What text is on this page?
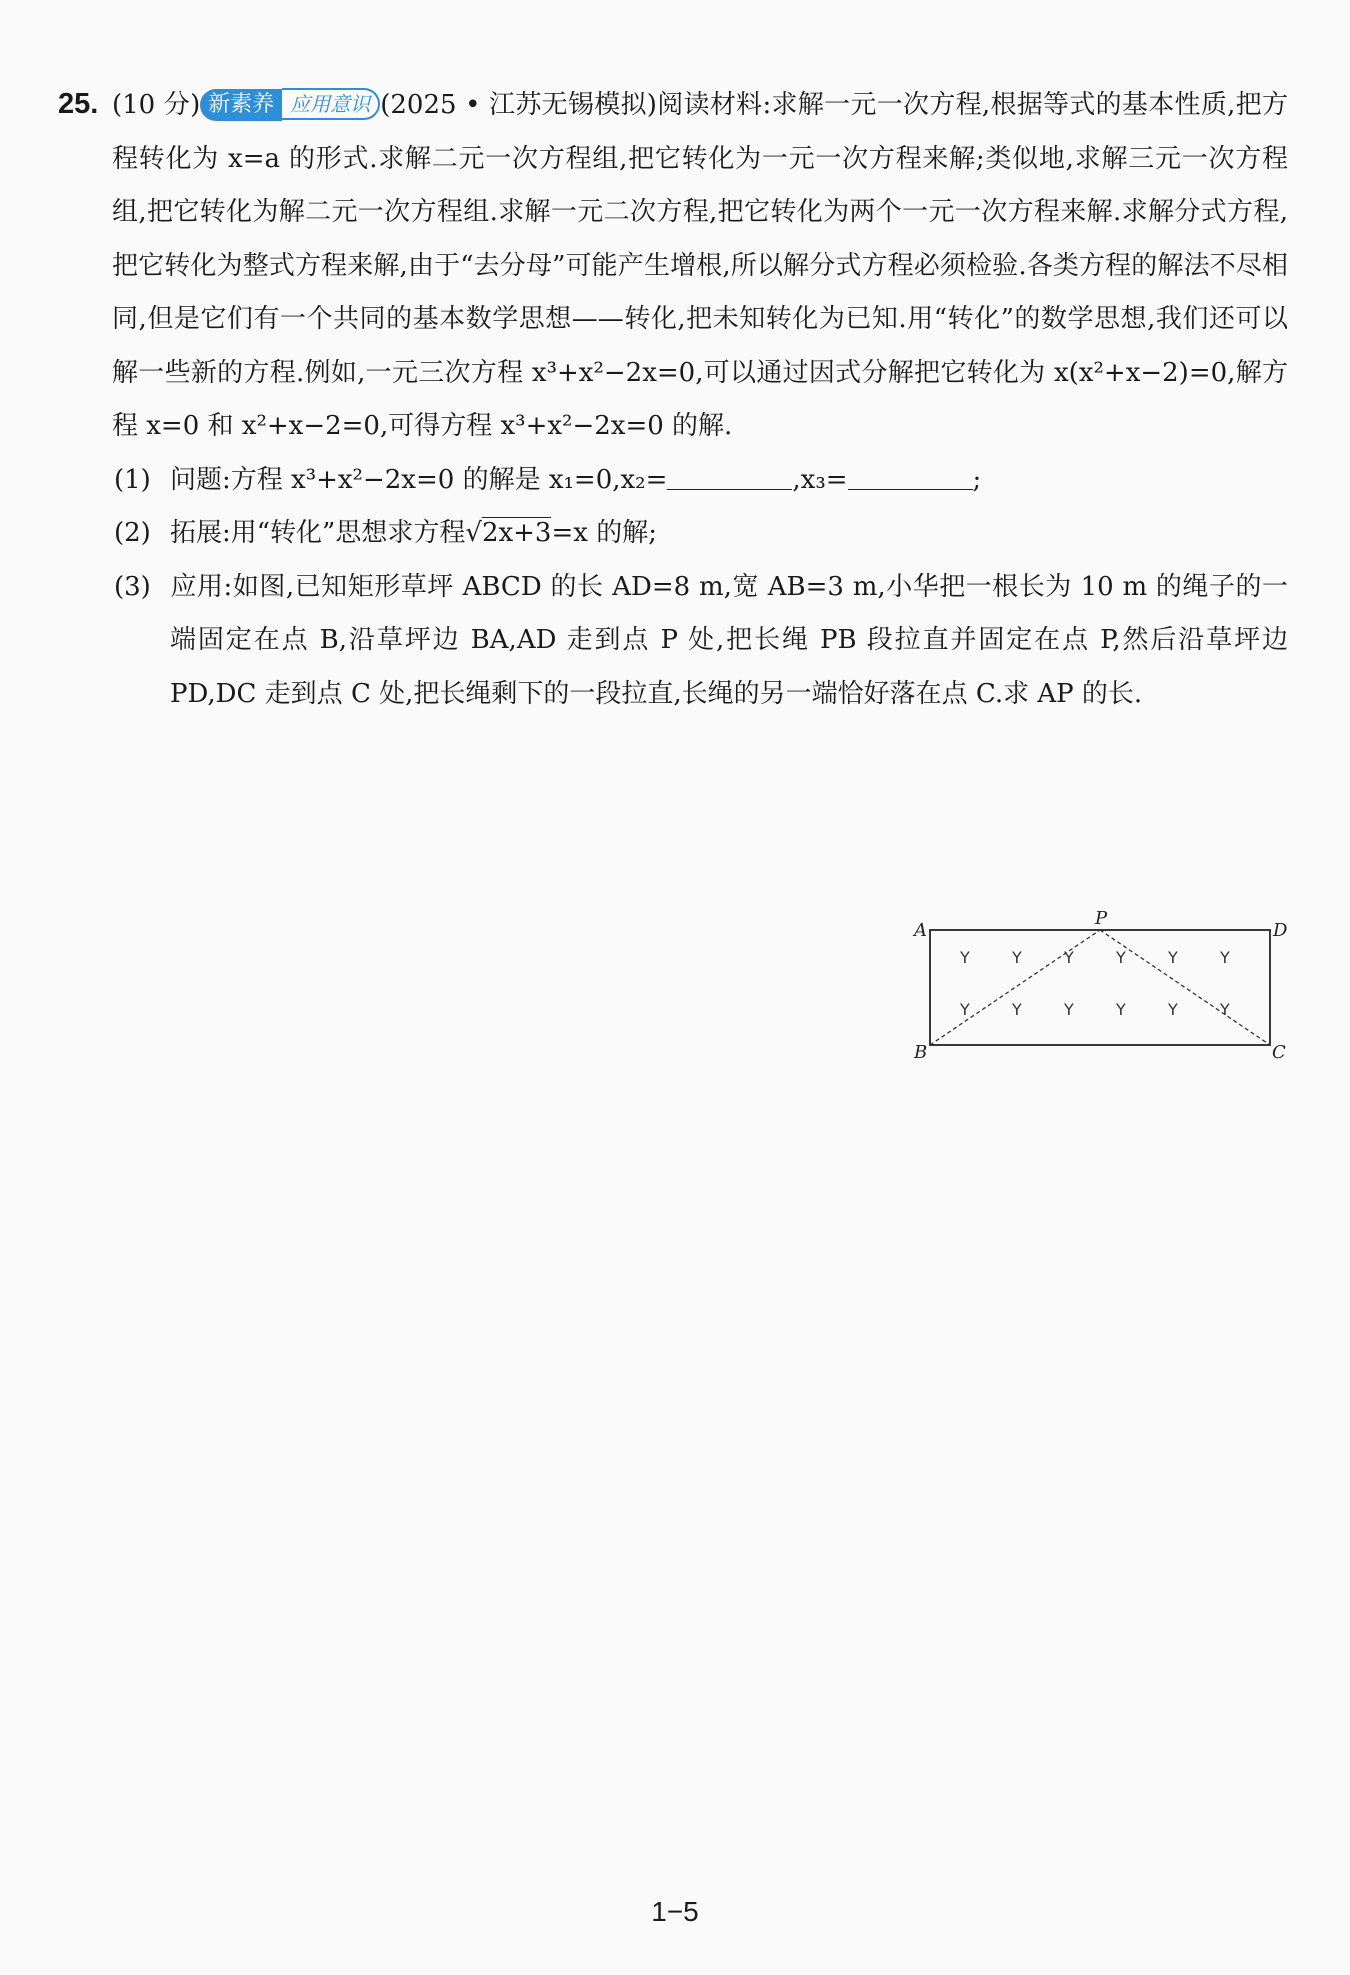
25. (10 分) 新素养 应用意识 (2025 • 江苏无锡模拟)阅读材料:求解一元一次方程,根据等式的基本性质,把方程转化为 x=a 的形式.求解二元一次方程组,把它转化为一元一次方程来解;类似地,求解三元一次方程组,把它转化为解二元一次方程组.求解一元二次方程,把它转化为两个一元一次方程来解.求解分式方程,把它转化为整式方程来解,由于“去分母”可能产生增根,所以解分式方程必须检验.各类方程的解法不尽相同,但是它们有一个共同的基本数学思想——转化,把未知转化为已知.用“转化”的数学思想,我们还可以解一些新的方程.例如,一元三次方程 x³+x²−2x=0,可以通过因式分解把它转化为 x(x²+x−2)=0,解方程 x=0 和 x²+x−2=0,可得方程 x³+x²−2x=0 的解.

(1) 问题:方程 x³+x²−2x=0 的解是 x₁=0,x₂=	,x₃=	;

(2) 拓展:用“转化”思想求方程√2x+3=x 的解;

(3) 应用:如图,已知矩形草坪 ABCD 的长 AD=8 m,宽 AB=3 m,小华把一根长为 10 m 的绳子的一端固定在点 B,沿草坪边 BA,AD 走到点 P 处,把长绳 PB 段拉直并固定在点 P,然后沿草坪边 PD,DC 走到点 C 处,把长绳剩下的一段拉直,长绳的另一端恰好落在点 C.求 AP 的长.

Y	Y	Y	Y	Y	Y
Y	Y	Y	Y	Y	Y
A
B	C
D
P
1−5
